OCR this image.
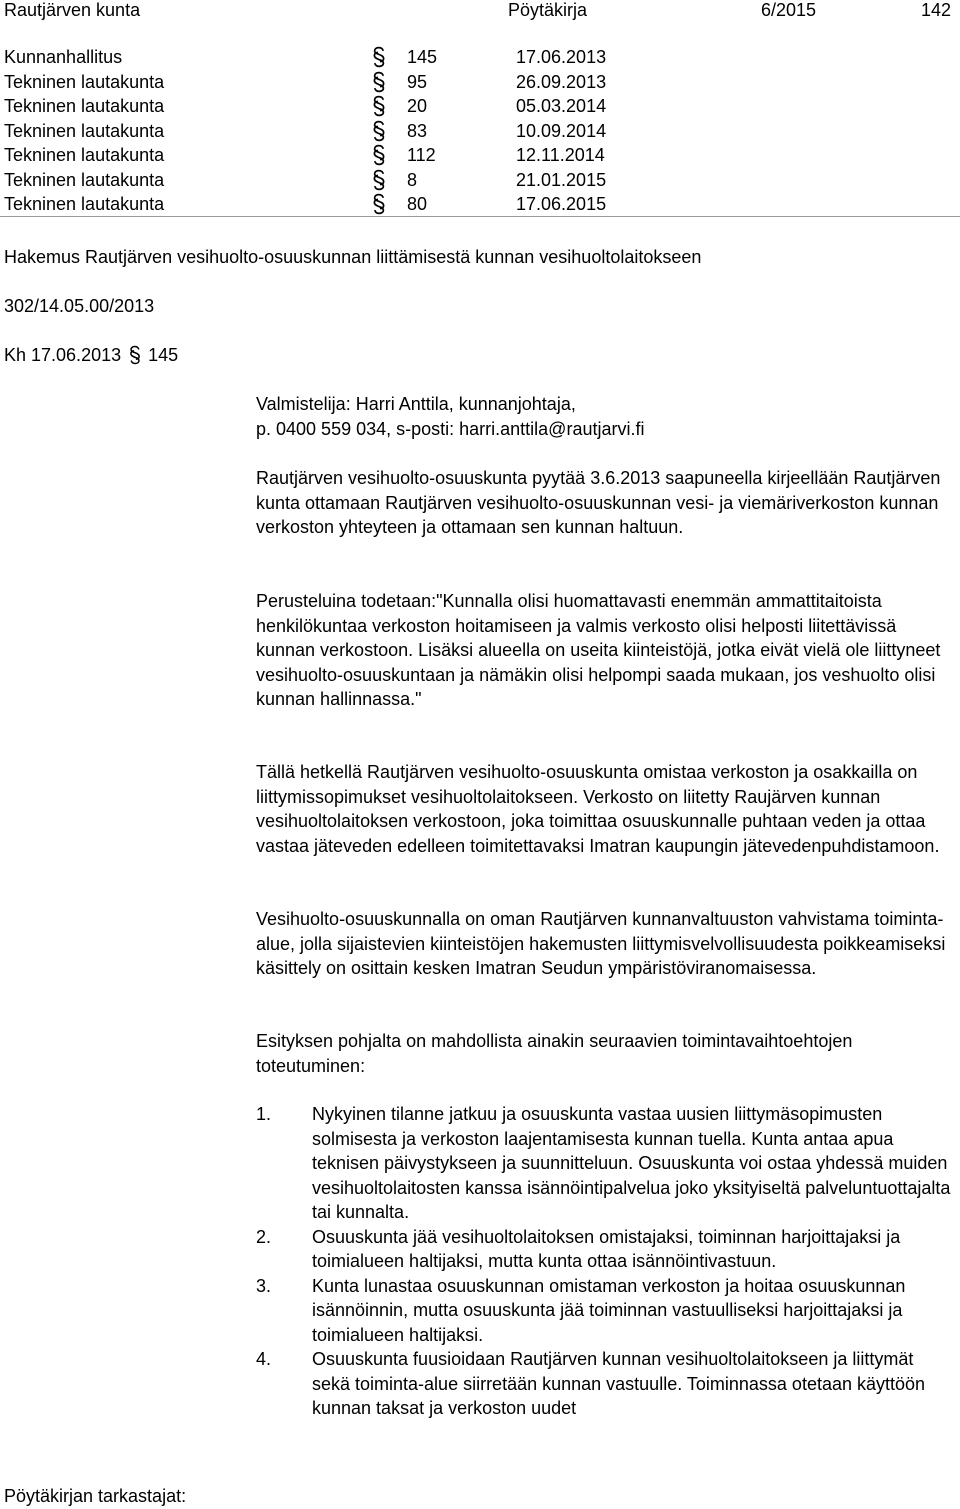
Rautjärven kunta	Pöytäkirja	6/2015	142
Kunnanhallitus	145	17.06.2013
Tekninen lautakunta	95	26.09.2013
Tekninen lautakunta	20	05.03.2014
Tekninen lautakunta	83	10.09.2014
Tekninen lautakunta	112	12.11.2014
Tekninen lautakunta	8	21.01.2015
Tekninen lautakunta	80	17.06.2015
Hakemus Rautjärven vesihuolto-osuuskunnan liittämisestä kunnan vesihuoltolaitokseen
302/14.05.00/2013
Kh 17.06.2013 145

Valmistelija: Harri Anttila, kunnanjohtaja,

p. 0400 559 034, s-posti: harri.anttila@rautjarvi.fi

Rautjärven vesihuolto-osuuskunta pyytää 3.6.2013 saapuneella kirjeellään Rautjärven kunta ottamaan Rautjärven vesihuolto-osuuskunnan vesi- ja viemäriverkoston kunnan verkoston yhteyteen ja ottamaan sen kunnan haltuun.

Perusteluina todetaan:"Kunnalla olisi huomattavasti enemmän ammattitaitoista henkilökuntaa verkoston hoitamiseen ja valmis verkosto olisi helposti liitettävissä kunnan verkostoon. Lisäksi alueella on useita kiinteistöjä, jotka eivät vielä ole liittyneet vesihuolto-osuuskuntaan ja nämäkin olisi helpompi saada mukaan, jos veshuolto olisi kunnan hallinnassa."

Tällä hetkellä Rautjärven vesihuolto-osuuskunta omistaa verkoston ja osakkailla on liittymissopimukset vesihuoltolaitokseen. Verkosto on liitetty Raujärven kunnan vesihuoltolaitoksen verkostoon, joka toimittaa osuuskunnalle puhtaan veden ja ottaa vastaa jäteveden edelleen toimitettavaksi Imatran kaupungin jätevedenpuhdistamoon.

Vesihuolto-osuuskunnalla on oman Rautjärven kunnanvaltuuston vahvistama toiminta-alue, jolla sijaistevien kiinteistöjen hakemusten liittymisvelvollisuudesta poikkeamiseksi käsittely on osittain kesken Imatran Seudun ympäristöviranomaisessa.

Esityksen pohjalta on mahdollista ainakin seuraavien toimintavaihtoehtojen toteutuminen:

1. Nykyinen tilanne jatkuu ja osuuskunta vastaa uusien liittymäsopimusten solmisesta ja verkoston laajentamisesta kunnan tuella. Kunta antaa apua teknisen päivystykseen ja suunnitteluun. Osuuskunta voi ostaa yhdessä muiden vesihuoltolaitosten kanssa isännöintipalvelua joko yksityiseltä palveluntuottajalta tai kunnalta.
2. Osuuskunta jää vesihuoltolaitoksen omistajaksi, toiminnan harjoittajaksi ja toimialueen haltijaksi, mutta kunta ottaa isännöintivastuun.
3. Kunta lunastaa osuuskunnan omistaman verkoston ja hoitaa osuuskunnan isännöinnin, mutta osuuskunta jää toiminnan vastuulliseksi harjoittajaksi ja toimialueen haltijaksi.
4. Osuuskunta fuusioidaan Rautjärven kunnan vesihuoltolaitokseen ja liittymät sekä toiminta-alue siirretään kunnan vastuulle. Toiminnassa otetaan käyttöön kunnan taksat ja verkoston uudet
Pöytäkirjan tarkastajat:
